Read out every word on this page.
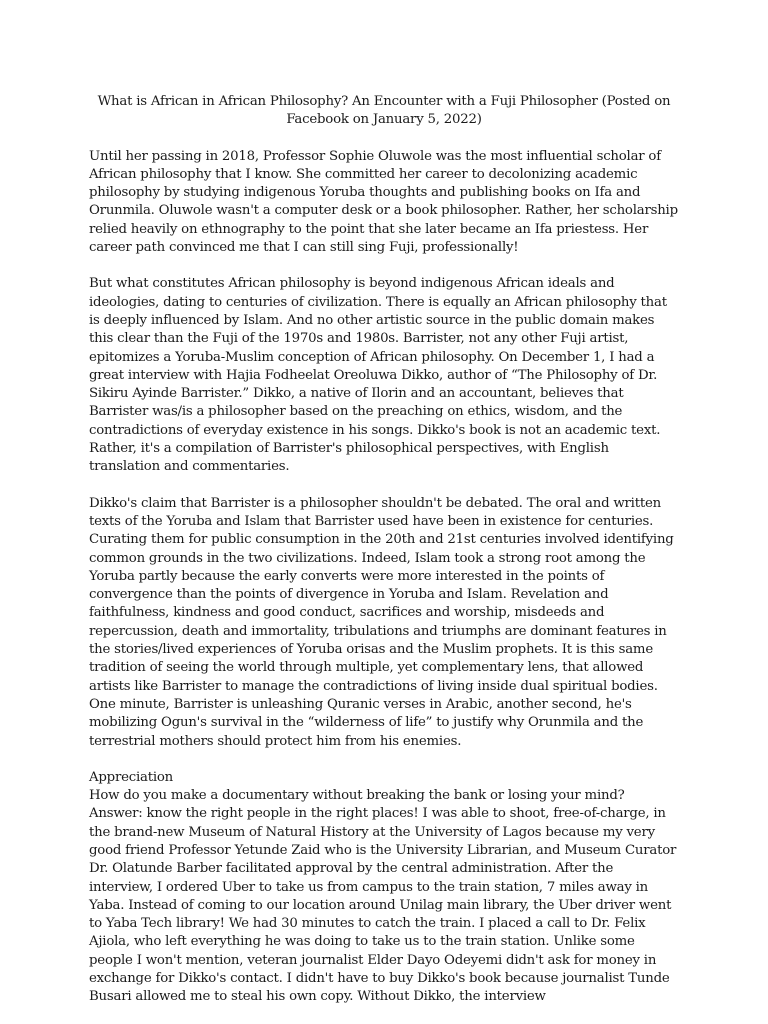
What is African in African Philosophy? An Encounter with a Fuji Philosopher (Posted on Facebook on January 5, 2022)

Until her passing in 2018, Professor Sophie Oluwole was the most influential scholar of African philosophy that I know. She committed her career to decolonizing academic philosophy by studying indigenous Yoruba thoughts and publishing books on Ifa and Orunmila. Oluwole wasn't a computer desk or a book philosopher. Rather, her scholarship relied heavily on ethnography to the point that she later became an Ifa priestess. Her career path convinced me that I can still sing Fuji, professionally!

But what constitutes African philosophy is beyond indigenous African ideals and ideologies, dating to centuries of civilization. There is equally an African philosophy that is deeply influenced by Islam. And no other artistic source in the public domain makes this clear than the Fuji of the 1970s and 1980s. Barrister, not any other Fuji artist, epitomizes a Yoruba-Muslim conception of African philosophy. On December 1, I had a great interview with Hajia Fodheelat Oreoluwa Dikko, author of “The Philosophy of Dr. Sikiru Ayinde Barrister.” Dikko, a native of Ilorin and an accountant, believes that Barrister was/is a philosopher based on the preaching on ethics, wisdom, and the contradictions of everyday existence in his songs. Dikko's book is not an academic text. Rather, it's a compilation of Barrister's philosophical perspectives, with English translation and commentaries.

Dikko's claim that Barrister is a philosopher shouldn't be debated. The oral and written texts of the Yoruba and Islam that Barrister used have been in existence for centuries. Curating them for public consumption in the 20th and 21st centuries involved identifying common grounds in the two civilizations. Indeed, Islam took a strong root among the Yoruba partly because the early converts were more interested in the points of convergence than the points of divergence in Yoruba and Islam. Revelation and faithfulness, kindness and good conduct, sacrifices and worship, misdeeds and repercussion, death and immortality, tribulations and triumphs are dominant features in the stories/lived experiences of Yoruba orisas and the Muslim prophets. It is this same tradition of seeing the world through multiple, yet complementary lens, that allowed artists like Barrister to manage the contradictions of living inside dual spiritual bodies. One minute, Barrister is unleashing Quranic verses in Arabic, another second, he's mobilizing Ogun's survival in the “wilderness of life” to justify why Orunmila and the terrestrial mothers should protect him from his enemies.

Appreciation

How do you make a documentary without breaking the bank or losing your mind? Answer: know the right people in the right places! I was able to shoot, free-of-charge, in the brand-new Museum of Natural History at the University of Lagos because my very good friend Professor Yetunde Zaid who is the University Librarian, and Museum Curator Dr. Olatunde Barber facilitated approval by the central administration. After the interview, I ordered Uber to take us from campus to the train station, 7 miles away in Yaba. Instead of coming to our location around Unilag main library, the Uber driver went to Yaba Tech library! We had 30 minutes to catch the train. I placed a call to Dr. Felix Ajiola, who left everything he was doing to take us to the train station. Unlike some people I won't mention, veteran journalist Elder Dayo Odeyemi didn't ask for money in exchange for Dikko's contact. I didn't have to buy Dikko's book because journalist Tunde Busari allowed me to steal his own copy. Without Dikko, the interview
